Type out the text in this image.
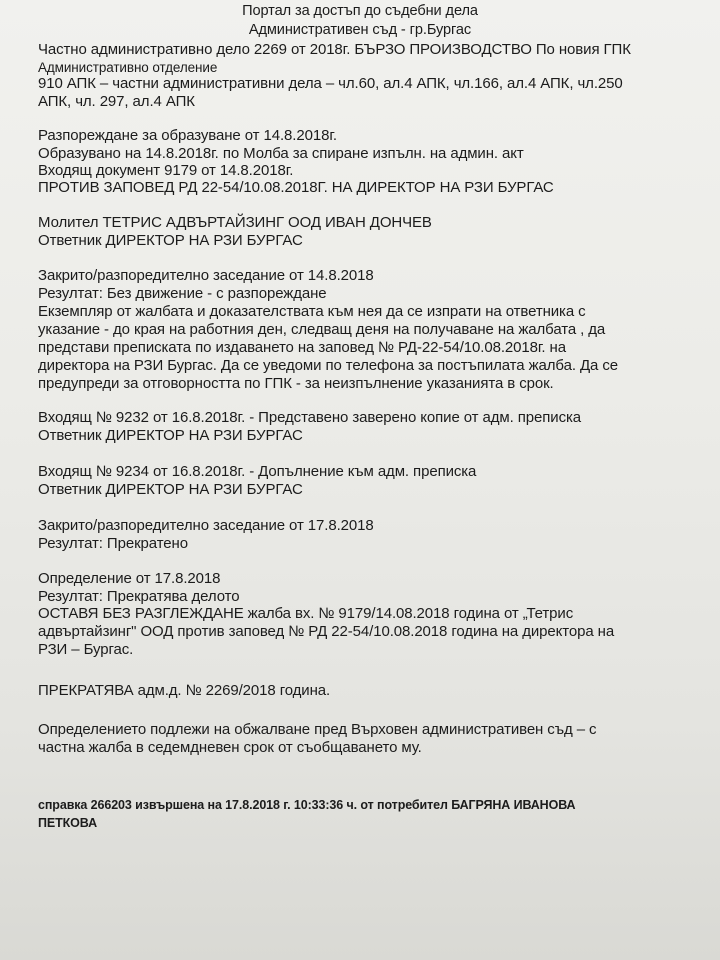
Портал за достъп до съдебни дела
Административен съд - гр.Бургас
Частно административно дело 2269 от 2018г. БЪРЗО ПРОИЗВОДСТВО По новия ГПК
Административно отделение
910 АПК – частни административни дела – чл.60, ал.4 АПК, чл.166, ал.4 АПК, чл.250
АПК, чл. 297, ал.4 АПК
Разпореждане за образуване от 14.8.2018г.
Образувано на 14.8.2018г. по Молба за спиране изпълн. на админ. акт
Входящ документ 9179 от 14.8.2018г.
ПРОТИВ ЗАПОВЕД РД 22-54/10.08.2018Г. НА ДИРЕКТОР НА РЗИ БУРГАС
Молител ТЕТРИС АДВЪРТАЙЗИНГ ООД ИВАН ДОНЧЕВ
Ответник ДИРЕКТОР НА РЗИ БУРГАС
Закрито/разпоредително заседание от 14.8.2018
Резултат: Без движение - с разпореждане
Екземпляр от жалбата и доказателствата към нея да се изпрати на ответника с
указание - до края на работния ден, следващ деня на получаване на жалбата , да
представи преписката по издаването на заповед № РД-22-54/10.08.2018г. на
директора на РЗИ Бургас. Да се уведоми по телефона за постъпилата жалба. Да се
предупреди за отговорността по ГПК - за неизпълнение указанията в срок.
Входящ № 9232 от 16.8.2018г. - Представено заверено копие от адм. преписка
Ответник ДИРЕКТОР НА РЗИ БУРГАС
Входящ № 9234 от 16.8.2018г. - Допълнение към адм. преписка
Ответник ДИРЕКТОР НА РЗИ БУРГАС
Закрито/разпоредително заседание от 17.8.2018
Резултат: Прекратено
Определение от 17.8.2018
Резултат: Прекратява делото
ОСТАВЯ БЕЗ РАЗГЛЕЖДАНЕ жалба вх. № 9179/14.08.2018 година от „Тетрис
адвъртайзинг" ООД против заповед № РД 22-54/10.08.2018 година на директора на
РЗИ – Бургас.
ПРЕКРАТЯВА адм.д. № 2269/2018 година.
Определението подлежи на обжалване пред Върховен административен съд – с
частна жалба в седемдневен срок от съобщаването му.
справка 266203 извършена на 17.8.2018 г. 10:33:36 ч. от потребител БАГРЯНА ИВАНОВА
ПЕТКОВА
